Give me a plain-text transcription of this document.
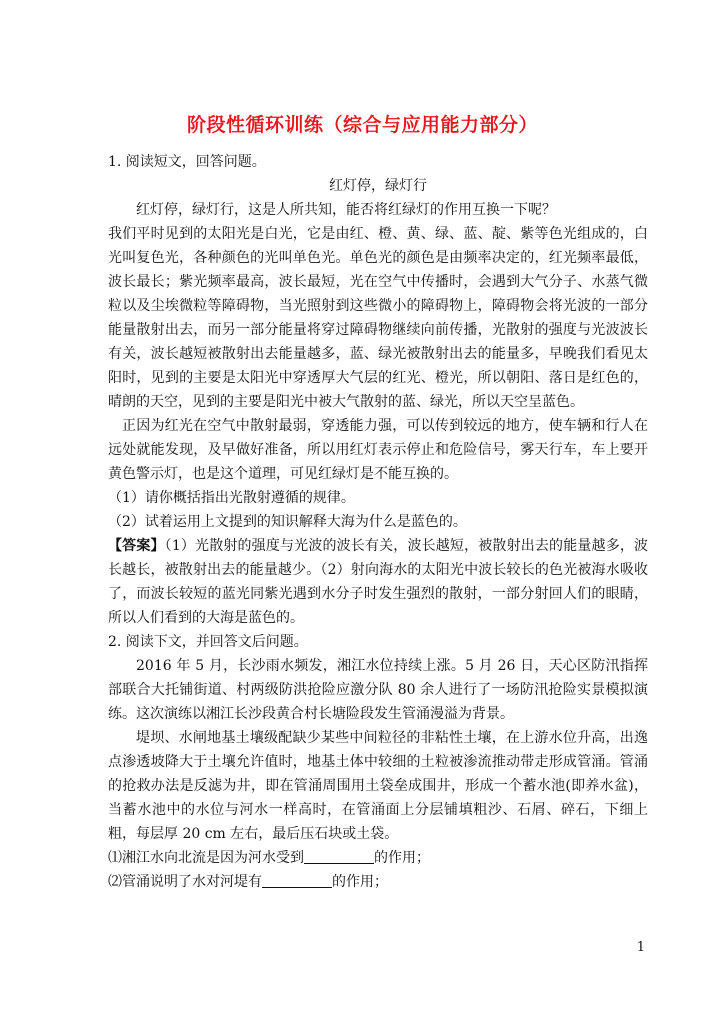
阶段性循环训练（综合与应用能力部分）

1. 阅读短文，回答问题。

红灯停，绿灯行

红灯停，绿灯行，这是人所共知，能否将红绿灯的作用互换一下呢？

我们平时见到的太阳光是白光，它是由红、橙、黄、绿、蓝、靛、紫等色光组成的，白光叫复色光，各种颜色的光叫单色光。单色光的颜色是由频率决定的，红光频率最低，波长最长；紫光频率最高，波长最短，光在空气中传播时，会遇到大气分子、水蒸气微粒以及尘埃微粒等障碍物，当光照射到这些微小的障碍物上，障碍物会将光波的一部分能量散射出去，而另一部分能量将穿过障碍物继续向前传播，光散射的强度与光波波长有关，波长越短被散射出去能量越多，蓝、绿光被散射出去的能量多，早晚我们看见太阳时，见到的主要是太阳光中穿透厚大气层的红光、橙光，所以朝阳、落日是红色的，晴朗的天空，见到的主要是阳光中被大气散射的蓝、绿光，所以天空呈蓝色。

正因为红光在空气中散射最弱，穿透能力强，可以传到较远的地方，使车辆和行人在远处就能发现，及早做好准备，所以用红灯表示停止和危险信号，雾天行车，车上要开黄色警示灯，也是这个道理，可见红绿灯是不能互换的。

（1）请你概括指出光散射遵循的规律。

（2）试着运用上文提到的知识解释大海为什么是蓝色的。

【答案】（1）光散射的强度与光波的波长有关，波长越短，被散射出去的能量越多，波长越长，被散射出去的能量越少。（2）射向海水的太阳光中波长较长的色光被海水吸收了，而波长较短的蓝光同紫光遇到水分子时发生强烈的散射，一部分射回人们的眼睛，所以人们看到的大海是蓝色的。

2. 阅读下文，并回答文后问题。

2016 年 5 月，长沙雨水频发，湘江水位持续上涨。5 月 26 日，天心区防汛指挥部联合大托铺街道、村两级防洪抢险应激分队 80 余人进行了一场防汛抢险实景模拟演练。这次演练以湘江长沙段黄合村长塘险段发生管涌漫溢为背景。

堤坝、水闸地基土壤级配缺少某些中间粒径的非粘性土壤，在上游水位升高，出逸点渗透坡降大于土壤允许值时，地基土体中较细的土粒被渗流推动带走形成管涌。管涌的抢救办法是反滤为井，即在管涌周围用土袋垒成围井，形成一个蓄水池(即养水盆)，当蓄水池中的水位与河水一样高时，在管涌面上分层铺填粗沙、石屑、碎石，下细上粗，每层厚 20 cm 左右，最后压石块或土袋。

⑴湘江水向北流是因为河水受到	的作用；

⑵管涌说明了水对河堤有	的作用；

1
